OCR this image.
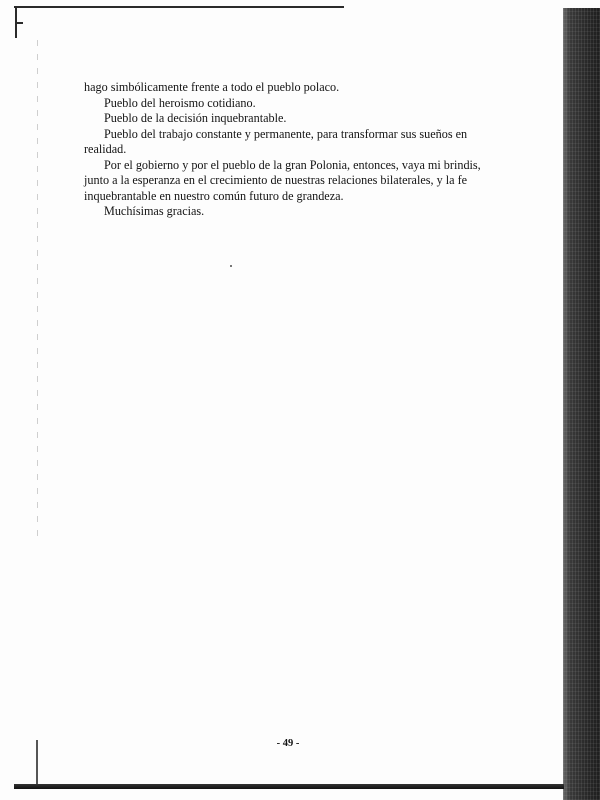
hago simbólicamente frente a todo el pueblo polaco.

Pueblo del heroismo cotidiano.

Pueblo de la decisión inquebrantable.

Pueblo del trabajo constante y permanente, para transformar sus sueños en realidad.

Por el gobierno y por el pueblo de la gran Polonia, entonces, vaya mi brindis, junto a la esperanza en el crecimiento de nuestras relaciones bilaterales, y la fe inquebrantable en nuestro común futuro de grandeza.

Muchísimas gracias.

- 49 -
